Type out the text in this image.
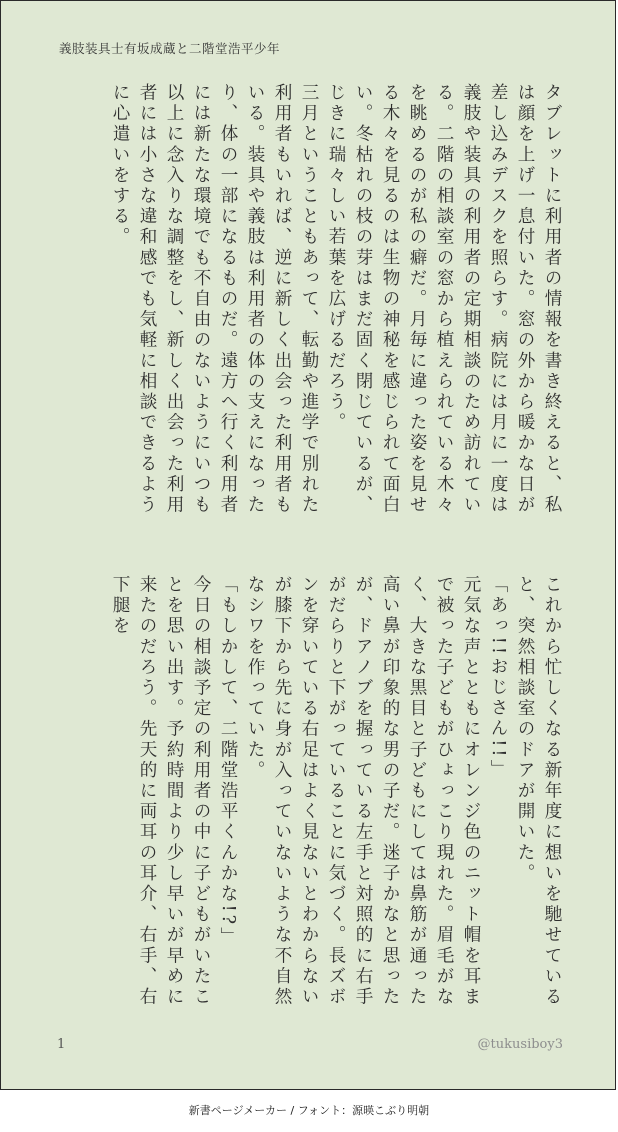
義肢装具士有坂成蔵と二階堂浩平少年

タブレットに利用者の情報を書き終えると、私は顔を上げ一息付いた。窓の外から暖かな日が差し込みデスクを照らす。病院には月に一度は義肢や装具の利用者の定期相談のため訪れている。二階の相談室の窓から植えられている木々を眺めるのが私の癖だ。月毎に違った姿を見せる木々を見るのは生物の神秘を感じられて面白い。冬枯れの枝の芽はまだ固く閉じているが、じきに瑞々しい若葉を広げるだろう。

三月ということもあって、転勤や進学で別れた利用者もいれば、逆に新しく出会った利用者もいる。装具や義肢は利用者の体の支えになったり、体の一部になるものだ。遠方へ行く利用者には新たな環境でも不自由のないようにいつも以上に念入りな調整をし、新しく出会った利用者には小さな違和感でも気軽に相談できるように心遣いをする。

これから忙しくなる新年度に想いを馳せていると、突然相談室のドアが開いた。

「あっ!!おじさん!!」

元気な声とともにオレンジ色のニット帽を耳まで被った子どもがひょっこり現れた。眉毛がなく、大きな黒目と子どもにしては鼻筋が通った高い鼻が印象的な男の子だ。迷子かなと思ったが、ドアノブを握っている左手と対照的に右手がだらりと下がっていることに気づく。長ズボンを穿いている右足はよく見ないとわからないが膝下から先に身が入っていないような不自然なシワを作っていた。

「もしかして、二階堂浩平くんかな!?」

今日の相談予定の利用者の中に子どもがいたことを思い出す。予約時間より少し早いが早めに来たのだろう。先天的に両耳の耳介、右手、右下腿を

1	@tukusiboy3
新書ページメーカー / フォント：源暎こぶり明朝
